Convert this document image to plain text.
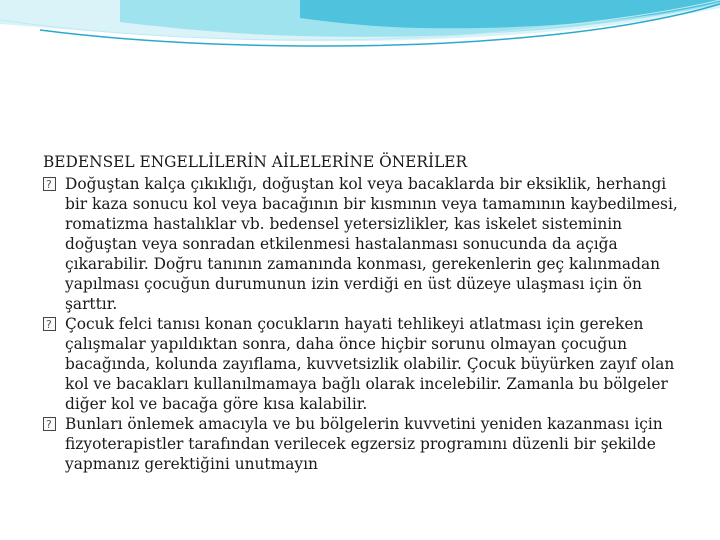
BEDENSEL ENGELLİLERİN AİLELERİNE ÖNERİLER

?
Doğuştan kalça çıkıklığı, doğuştan kol veya bacaklarda bir eksiklik, herhangi bir kaza sonucu kol veya bacağının bir kısmının veya tamamının kaybedilmesi, romatizma hastalıklar vb. bedensel yetersizlikler, kas iskelet sisteminin doğuştan veya sonradan etkilenmesi hastalanması sonucunda da açığa çıkarabilir. Doğru tanının zamanında konması, gerekenlerin geç kalınmadan yapılması çocuğun durumunun izin verdiği en üst düzeye ulaşması için ön şarttır.

?
Çocuk felci tanısı konan çocukların hayati tehlikeyi atlatması için gereken çalışmalar yapıldıktan sonra, daha önce hiçbir sorunu olmayan çocuğun bacağında, kolunda zayıflama, kuvvetsizlik olabilir. Çocuk büyürken zayıf olan kol ve bacakları kullanılmamaya bağlı olarak incelebilir. Zamanla bu bölgeler diğer kol ve bacağa göre kısa kalabilir.

?
Bunları önlemek amacıyla ve bu bölgelerin kuvvetini yeniden kazanması için fizyoterapistler tarafından verilecek egzersiz programını düzenli bir şekilde yapmanız gerektiğini unutmayın
